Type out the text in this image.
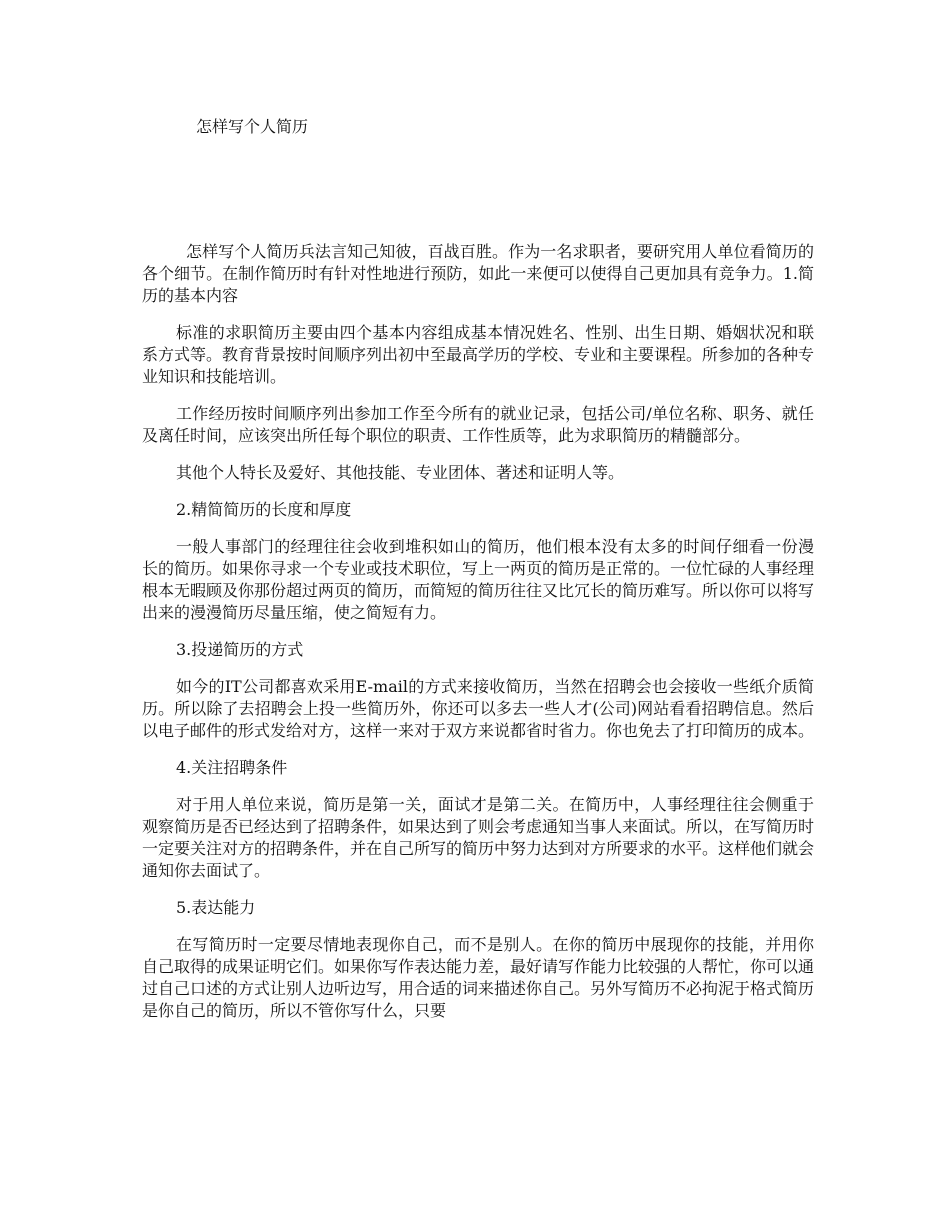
怎样写个人简历

怎样写个人简历兵法言知己知彼，百战百胜。作为一名求职者，要研究用人单位看简历的各个细节。在制作简历时有针对性地进行预防，如此一来便可以使得自己更加具有竞争力。1.简历的基本内容

标准的求职简历主要由四个基本内容组成基本情况姓名、性别、出生日期、婚姻状况和联系方式等。教育背景按时间顺序列出初中至最高学历的学校、专业和主要课程。所参加的各种专业知识和技能培训。

工作经历按时间顺序列出参加工作至今所有的就业记录，包括公司/单位名称、职务、就任及离任时间，应该突出所任每个职位的职责、工作性质等，此为求职简历的精髓部分。

其他个人特长及爱好、其他技能、专业团体、著述和证明人等。

2.精简简历的长度和厚度

一般人事部门的经理往往会收到堆积如山的简历，他们根本没有太多的时间仔细看一份漫长的简历。如果你寻求一个专业或技术职位，写上一两页的简历是正常的。一位忙碌的人事经理根本无暇顾及你那份超过两页的简历，而简短的简历往往又比冗长的简历难写。所以你可以将写出来的漫漫简历尽量压缩，使之简短有力。

3.投递简历的方式

如今的IT公司都喜欢采用E-mail的方式来接收简历，当然在招聘会也会接收一些纸介质简历。所以除了去招聘会上投一些简历外，你还可以多去一些人才(公司)网站看看招聘信息。然后以电子邮件的形式发给对方，这样一来对于双方来说都省时省力。你也免去了打印简历的成本。

4.关注招聘条件

对于用人单位来说，简历是第一关，面试才是第二关。在简历中，人事经理往往会侧重于观察简历是否已经达到了招聘条件，如果达到了则会考虑通知当事人来面试。所以，在写简历时一定要关注对方的招聘条件，并在自己所写的简历中努力达到对方所要求的水平。这样他们就会通知你去面试了。

5.表达能力

在写简历时一定要尽情地表现你自己，而不是别人。在你的简历中展现你的技能，并用你自己取得的成果证明它们。如果你写作表达能力差，最好请写作能力比较强的人帮忙，你可以通过自己口述的方式让别人边听边写，用合适的词来描述你自己。另外写简历不必拘泥于格式简历是你自己的简历，所以不管你写什么，只要
